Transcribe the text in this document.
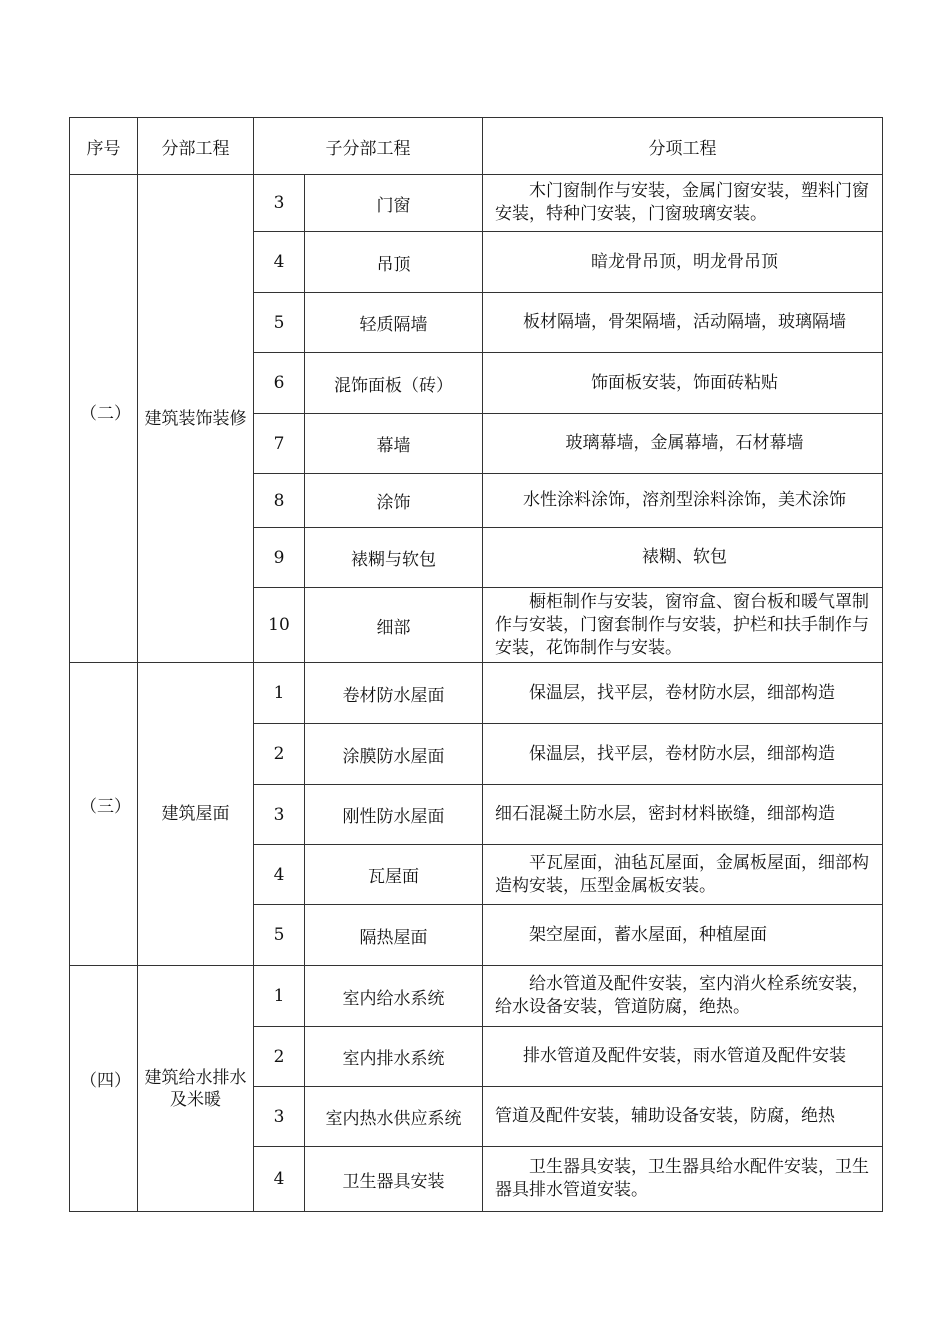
序号	分部工程	子分部工程		分项工程
（二）	建筑装饰装修	3	门窗	木门窗制作与安装，金属门窗安装，塑料门窗安装，特种门安装，门窗玻璃安装。
		4	吊顶	暗龙骨吊顶，明龙骨吊顶
		5	轻质隔墙	板材隔墙，骨架隔墙，活动隔墙，玻璃隔墙
		6	混饰面板（砖）	饰面板安装，饰面砖粘贴
		7	幕墙	玻璃幕墙，金属幕墙，石材幕墙
		8	涂饰	水性涂料涂饰，溶剂型涂料涂饰，美术涂饰
		9	裱糊与软包	裱糊、软包
		10	细部	橱柜制作与安装，窗帘盒、窗台板和暖气罩制作与安装，门窗套制作与安装，护栏和扶手制作与安装，花饰制作与安装。
（三）	建筑屋面	1	卷材防水屋面	保温层，找平层，卷材防水层，细部构造
		2	涂膜防水屋面	保温层，找平层，卷材防水层，细部构造
		3	刚性防水屋面	细石混凝土防水层，密封材料嵌缝，细部构造
		4	瓦屋面	平瓦屋面，油毡瓦屋面，金属板屋面，细部构造构安装，压型金属板安装。
		5	隔热屋面	架空屋面，蓄水屋面，种植屋面
（四）	建筑给水排水及米暖	1	室内给水系统	给水管道及配件安装，室内消火栓系统安装，给水设备安装，管道防腐，绝热。
		2	室内排水系统	排水管道及配件安装，雨水管道及配件安装
		3	室内热水供应系统	管道及配件安装，辅助设备安装，防腐，绝热
		4	卫生器具安装	卫生器具安装，卫生器具给水配件安装，卫生器具排水管道安装。
